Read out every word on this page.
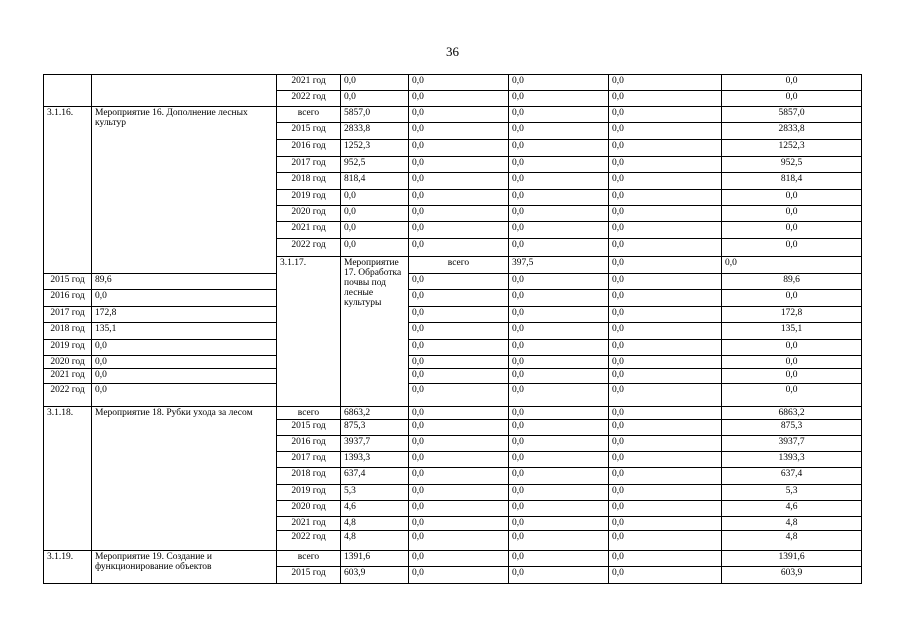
36
		2021 год	0,0	0,0	0,0	0,0	0,0	
		2022 год	0,0	0,0	0,0	0,0	0,0	
3.1.16.	Мероприятие 16. Дополнение лесных культур	всего	5857,0	0,0	0,0	0,0	5857,0	
		2015 год	2833,8	0,0	0,0	0,0	2833,8	
		2016 год	1252,3	0,0	0,0	0,0	1252,3	
		2017 год	952,5	0,0	0,0	0,0	952,5	
		2018 год	818,4	0,0	0,0	0,0	818,4	
		2019 год	0,0	0,0	0,0	0,0	0,0	
		2020 год	0,0	0,0	0,0	0,0	0,0	
		2021 год	0,0	0,0	0,0	0,0	0,0	
		2022 год	0,0	0,0	0,0	0,0	0,0	
		3.1.17.	Мероприятие 17. Обработка почвы под лесные культуры	всего	397,5	0,0	0,0		
2015 год	89,6			0,0	0,0	0,0	89,6	
2016 год	0,0			0,0	0,0	0,0	0,0	
2017 год	172,8			0,0	0,0	0,0	172,8	
2018 год	135,1			0,0	0,0	0,0	135,1	
2019 год	0,0			0,0	0,0	0,0	0,0	
2020 год	0,0			0,0	0,0	0,0	0,0	
2021 год	0,0			0,0	0,0	0,0	0,0	
2022 год	0,0			0,0	0,0	0,0	0,0	
3.1.18.	Мероприятие 18. Рубки ухода за лесом	всего	6863,2	0,0	0,0	0,0	6863,2	
		2015 год	875,3	0,0	0,0	0,0	875,3	
		2016 год	3937,7	0,0	0,0	0,0	3937,7	
		2017 год	1393,3	0,0	0,0	0,0	1393,3	
		2018 год	637,4	0,0	0,0	0,0	637,4	
		2019 год	5,3	0,0	0,0	0,0	5,3	
		2020 год	4,6	0,0	0,0	0,0	4,6	
		2021 год	4,8	0,0	0,0	0,0	4,8	
		2022 год	4,8	0,0	0,0	0,0	4,8	
3.1.19.	Мероприятие 19. Создание и функционирование объектов	всего	1391,6	0,0	0,0	0,0	1391,6	
		2015 год	603,9	0,0	0,0	0,0	603,9	
